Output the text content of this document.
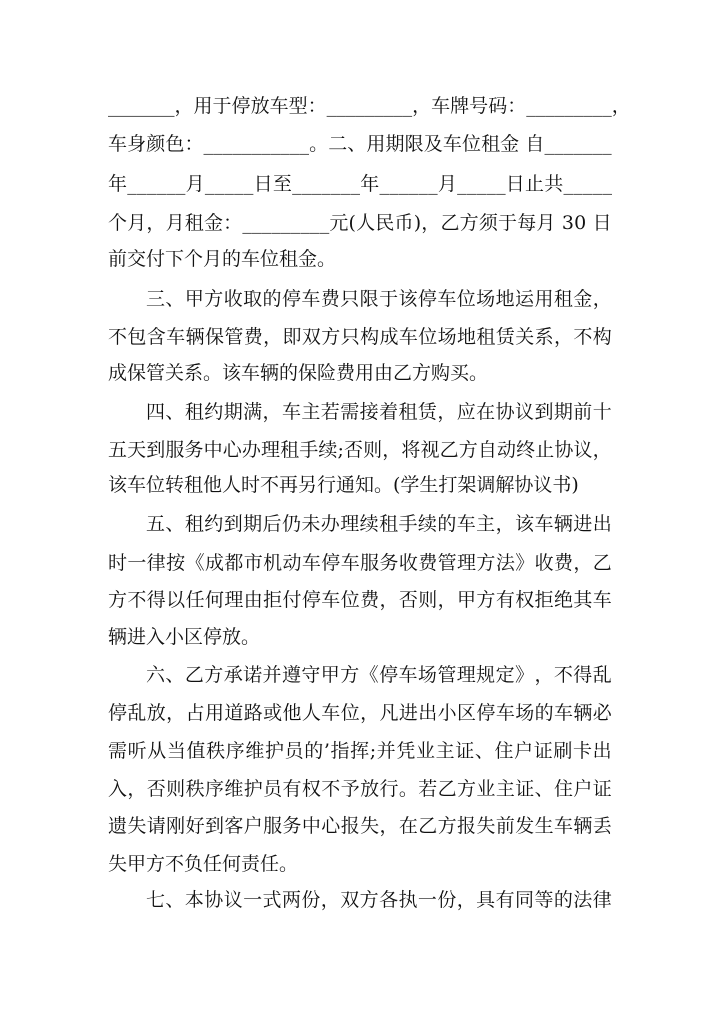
_ _ _ _ _ _ _ ， 用 于 停 放 车 型 ： _ _ _ _ _ _ _ _ _ ， 车 牌 号 码 ： _ _ _ _ _ _ _ _ _ ，
车 身 颜 色 ： _ _ _ _ _ _ _ _ _ _ _ 。 二 、 用 期 限 及 车 位 租 金
自 _ _ _ _ _ _ _
年 _ _ _ _ _ _ 月 _ _ _ _ _ 日 至 _ _ _ _ _ _ _ 年 _ _ _ _ _ _ 月 _ _ _ _ _ 日 止 共 _ _ _ _ _
个 月 ， 月 租 金 ： _ _ _ _ _ _ _ _ _ 元 ( 人 民 币 ) ， 乙 方 须 于 每 月
3 0
日
前交付下个月的车位租金。
三 、 甲 方 收 取 的 停 车 费 只 限 于 该 停 车 位 场 地 运 用 租 金 ，
不 包 含 车 辆 保 管 费 ， 即 双 方 只 构 成 车 位 场 地 租 赁 关 系 ， 不 构
成保管关系。该车辆的保险费用由乙方购买。
四 、 租 约 期 满 ， 车 主 若 需 接 着 租 赁 ， 应 在 协 议 到 期 前 十
五 天 到 服 务 中 心 办 理 租 手 续 ; 否 则 ， 将 视 乙 方 自 动 终 止 协 议 ，
该车位转租他人时不再另行通知。(学生打架调解协议书)
五 、 租 约 到 期 后 仍 未 办 理 续 租 手 续 的 车 主 ， 该 车 辆 进 出
时 一 律 按 《 成 都 市 机 动 车 停 车 服 务 收 费 管 理 方 法 》 收 费 ， 乙
方 不 得 以 任 何 理 由 拒 付 停 车 位 费 ， 否 则 ， 甲 方 有 权 拒 绝 其 车
辆进入小区停放。
六 、 乙 方 承 诺 并 遵 守 甲 方 《 停 车 场 管 理 规 定 》 ， 不 得 乱
停 乱 放 ， 占 用 道 路 或 他 人 车 位 ， 凡 进 出 小 区 停 车 场 的 车 辆 必
需 听 从 当 值 秩 序 维 护 员 的 ’ 指 挥 ; 并 凭 业 主 证 、 住 户 证 刷 卡 出
入 ， 否 则 秩 序 维 护 员 有 权 不 予 放 行 。 若 乙 方 业 主 证 、 住 户 证
遗 失 请 刚 好 到 客 户 服 务 中 心 报 失 ， 在 乙 方 报 失 前 发 生 车 辆 丢
失甲方不负任何责任。
七 、 本 协 议 一 式 两 份 ， 双 方 各 执 一 份 ， 具 有 同 等 的 法 律
